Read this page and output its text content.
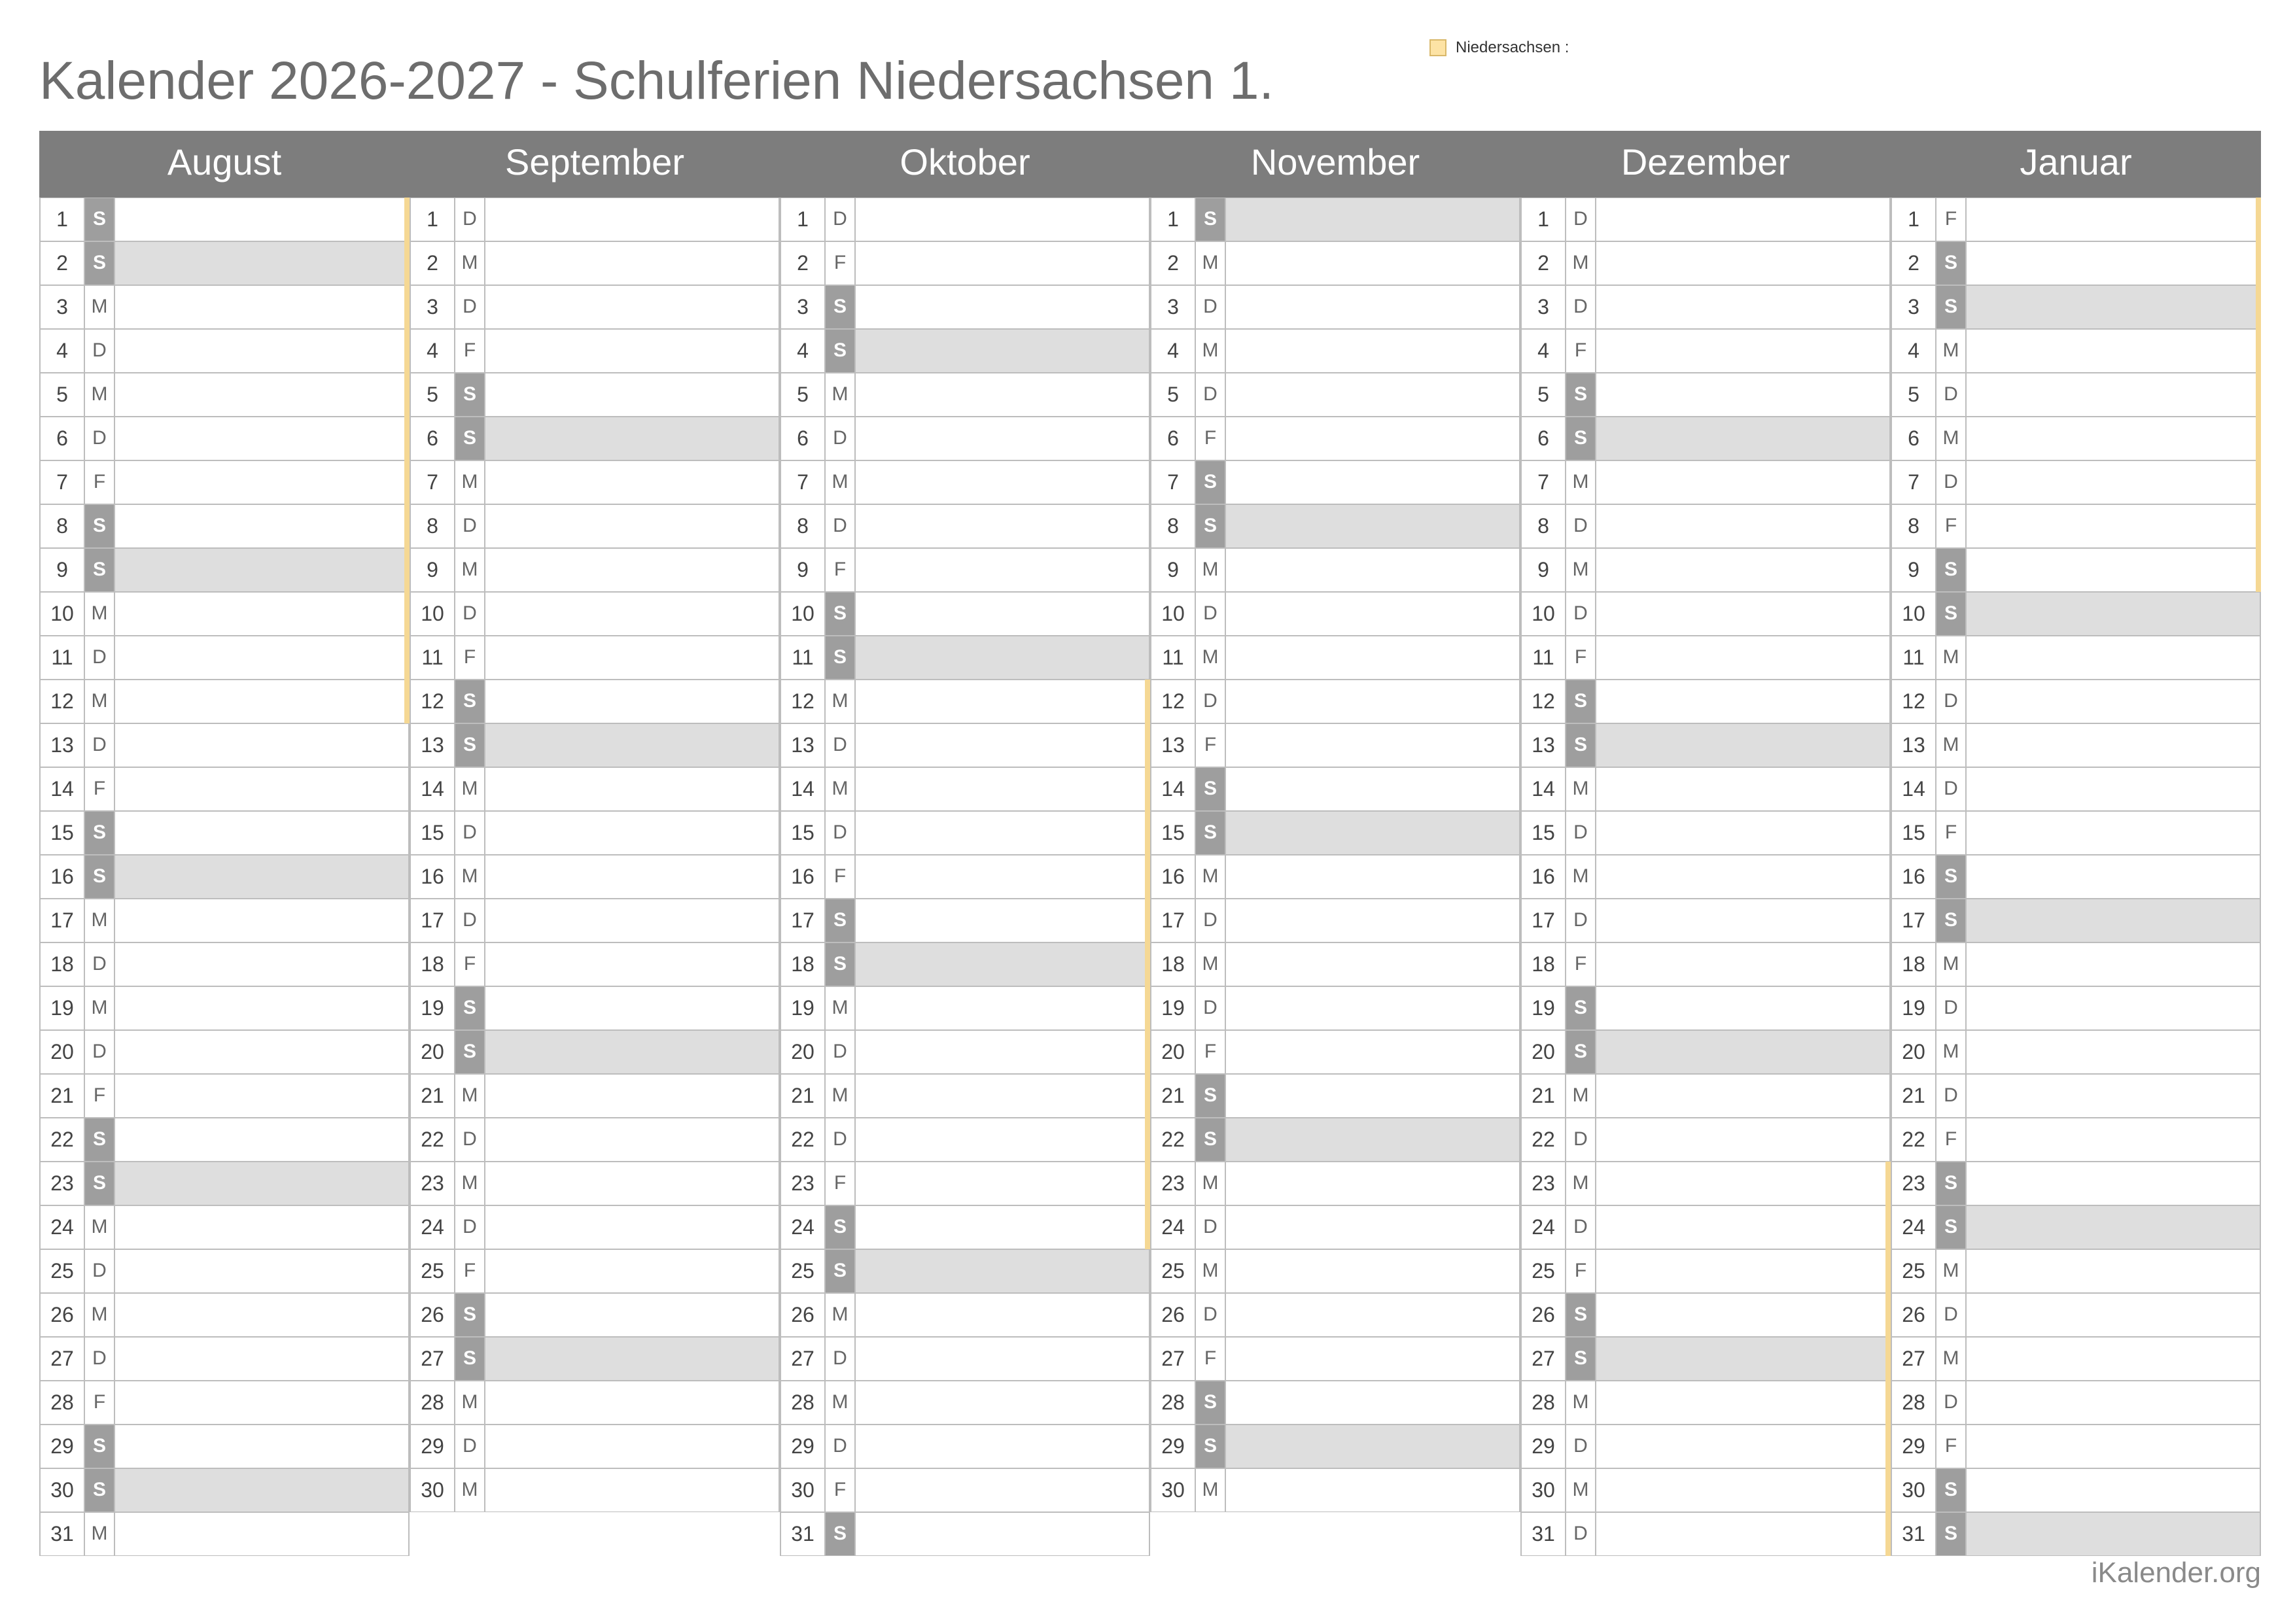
Kalender 2026-2027 - Schulferien Niedersachsen 1.
Niedersachsen :
August
1	S
2	S
3	M
4	D
5	M
6	D
7	F
8	S
9	S
10 M
11 D
12 M
13 D
14	F
15 S
16 S
17 M
18 D
19 M
20 D
21	F
22 S
23 S
24 M
25 D
26 M
27 D
28	F
29 S
30 S
31 M
September
1	D
2	M
3	D
4	F
5	S
6	S
7	M
8	D
9	M
10 D
11	F
12 S
13 S
14 M
15 D
16 M
17 D
18	F
19 S
20 S
21 M
22 D
23 M
24 D
25	F
26 S
27 S
28 M
29 D
30 M
Oktober
1	D
2	F
3	S
4	S
5	M
6	D
7	M
8	D
9	F
10 S
11	S
12 M
13 D
14 M
15 D
16	F
17 S
18 S
19 M
20 D
21 M
22 D
23	F
24 S
25 S
26 M
27 D
28 M
29 D
30	F
31 S
November
1	S
2	M
3	D
4	M
5	D
6	F
7	S
8	S
9	M
10 D
11 M
12 D
13	F
14 S
15 S
16 M
17 D
18 M
19 D
20	F
21 S
22 S
23 M
24 D
25 M
26 D
27	F
28 S
29 S
30 M
Dezember
1	D
2	M
3	D
4	F
5	S
6	S
7	M
8	D
9	M
10 D
11	F
12 S
13 S
14 M
15 D
16 M
17 D
18	F
19 S
20 S
21 M
22 D
23 M
24 D
25	F
26 S
27 S
28 M
29 D
30 M
31 D
Januar
1	F
2	S
3	S
4	M
5	D
6	M
7	D
8	F
9	S
10 S
11 M
12 D
13 M
14 D
15	F
16 S
17 S
18 M
19 D
20 M
21 D
22	F
23 S
24 S
25 M
26 D
27 M
28 D
29	F
30 S
31 S
iKalender.org
